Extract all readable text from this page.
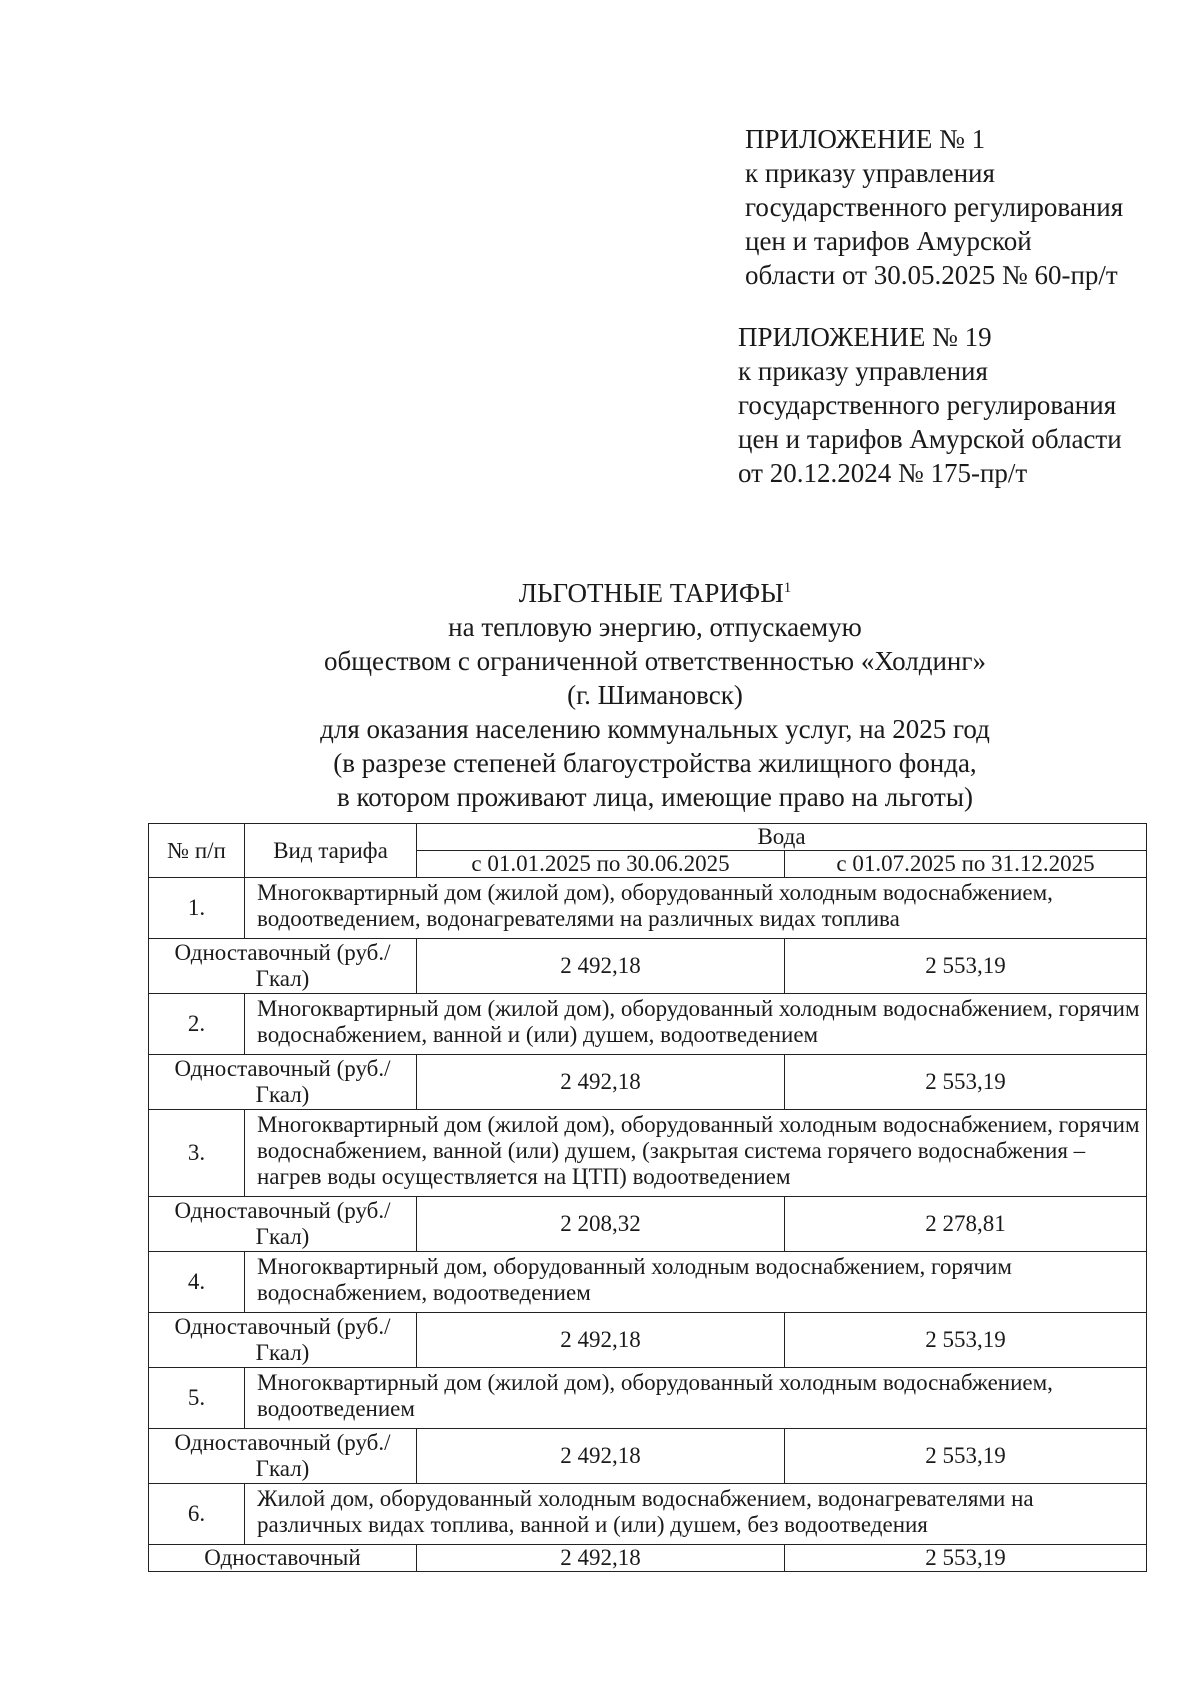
ПРИЛОЖЕНИЕ № 1
к приказу управления
государственного регулирования
цен и тарифов Амурской
области от 30.05.2025 № 60-пр/т
ПРИЛОЖЕНИЕ № 19
к приказу управления
государственного регулирования
цен и тарифов Амурской области
от 20.12.2024 № 175-пр/т
ЛЬГОТНЫЕ ТАРИФЫ$^1$
на тепловую энергию, отпускаемую
обществом с ограниченной ответственностью «Холдинг»
(г. Шимановск)
для оказания населению коммунальных услуг, на 2025 год
(в разрезе степеней благоустройства жилищного фонда,
в котором проживают лица, имеющие право на льготы)
№ п/п	Вид тарифа	Вода	
		с 01.01.2025 по 30.06.2025	с 01.07.2025 по 31.12.2025
1.	Многоквартирный дом (жилой дом), оборудованный холодным водоснабжением, водоотведением, водонагревателями на различных видах топлива		
Одноставочный (руб./Гкал)		2 492,18	2 553,19
2.	Многоквартирный дом (жилой дом), оборудованный холодным водоснабжением, горячим водоснабжением, ванной и (или) душем, водоотведением		
Одноставочный (руб./Гкал)		2 492,18	2 553,19
3.	Многоквартирный дом (жилой дом), оборудованный холодным водоснабжением, горячим водоснабжением, ванной (или) душем, (закрытая система горячего водоснабжения – нагрев воды осуществляется на ЦТП) водоотведением		
Одноставочный (руб./Гкал)		2 208,32	2 278,81
4.	Многоквартирный дом, оборудованный холодным водоснабжением, горячим водоснабжением, водоотведением		
Одноставочный (руб./Гкал)		2 492,18	2 553,19
5.	Многоквартирный дом (жилой дом), оборудованный холодным водоснабжением, водоотведением		
Одноставочный (руб./Гкал)		2 492,18	2 553,19
6.	Жилой дом, оборудованный холодным водоснабжением, водонагревателями на различных видах топлива, ванной и (или) душем, без водоотведения		
Одноставочный		2 492,18	2 553,19
